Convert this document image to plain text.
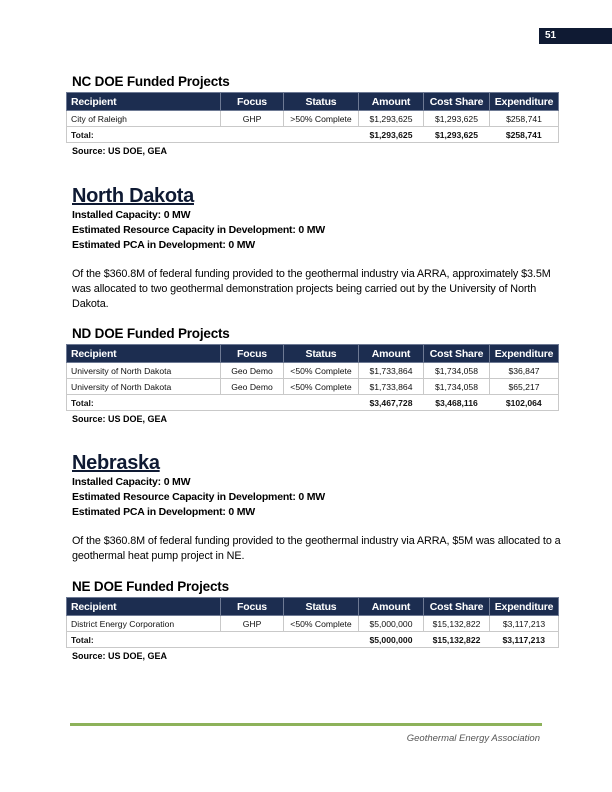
51
NC DOE Funded Projects
Recipient	Focus	Status	Amount	Cost Share	Expenditure
City of Raleigh	GHP	>50% Complete	$1,293,625	$1,293,625	$258,741
Total:			$1,293,625	$1,293,625	$258,741
Source: US DOE, GEA
North Dakota

Installed Capacity: 0 MW

Estimated Resource Capacity in Development: 0 MW

Estimated PCA in Development: 0 MW

Of the $360.8M of federal funding provided to the geothermal industry via ARRA, approximately $3.5M was allocated to two geothermal demonstration projects being carried out by the University of North Dakota.

ND DOE Funded Projects
Recipient	Focus	Status	Amount	Cost Share	Expenditure
University of North Dakota	Geo Demo	<50% Complete	$1,733,864	$1,734,058	$36,847
University of North Dakota	Geo Demo	<50% Complete	$1,733,864	$1,734,058	$65,217
Total:			$3,467,728	$3,468,116	$102,064
Source: US DOE, GEA
Nebraska

Installed Capacity: 0 MW

Estimated Resource Capacity in Development: 0 MW

Estimated PCA in Development: 0 MW

Of the $360.8M of federal funding provided to the geothermal industry via ARRA, $5M was allocated to a geothermal heat pump project in NE.

NE DOE Funded Projects
Recipient	Focus	Status	Amount	Cost Share	Expenditure
District Energy Corporation	GHP	<50% Complete	$5,000,000	$15,132,822	$3,117,213
Total:			$5,000,000	$15,132,822	$3,117,213
Source: US DOE, GEA
Geothermal Energy Association
